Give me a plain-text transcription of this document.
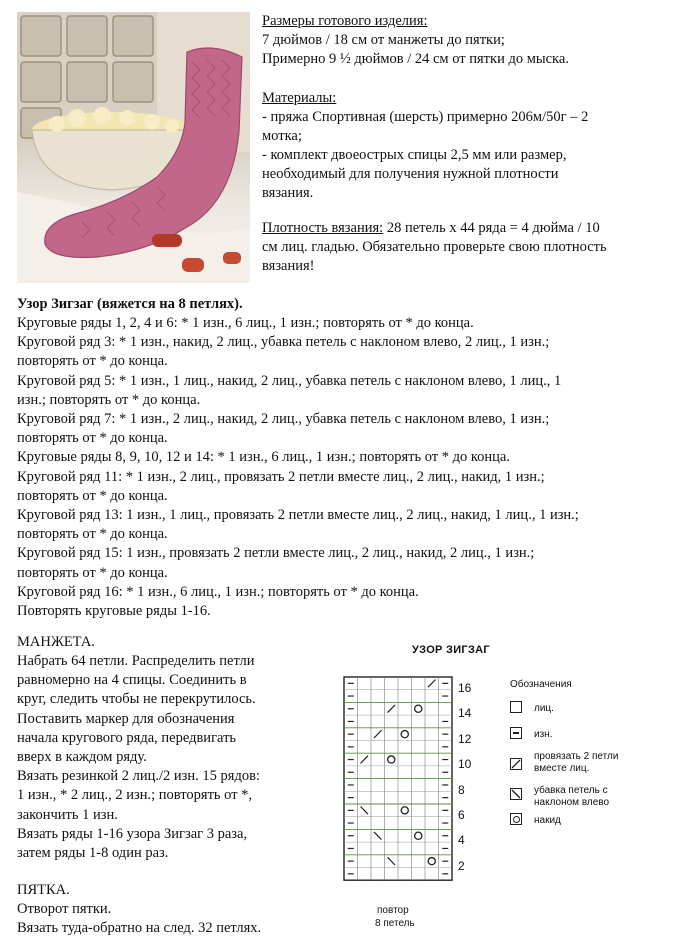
Размеры готового изделия:
7 дюймов / 18 см от манжеты до пятки;
Примерно 9 ½ дюймов / 24 см от пятки до мыска.
Материалы:
- пряжа Спортивная (шерсть) примерно 206м/50г – 2
мотка;
- комплект двоеострых спицы 2,5 мм или размер,
необходимый для получения нужной плотности
вязания.
Плотность вязания: 28 петель х 44 ряда = 4 дюйма / 10
см лиц. гладью. Обязательно проверьте свою плотность
вязания!
Узор Зигзаг (вяжется на 8 петлях).
Круговые ряды 1, 2, 4 и 6: * 1 изн., 6 лиц., 1 изн.; повторять от * до конца.
Круговой ряд 3: * 1 изн., накид, 2 лиц., убавка петель с наклоном влево, 2 лиц., 1 изн.;
повторять от * до конца.
Круговой ряд 5: * 1 изн., 1 лиц., накид, 2 лиц., убавка петель с наклоном влево, 1 лиц., 1
изн.; повторять от * до конца.
Круговой ряд 7: * 1 изн., 2 лиц., накид, 2 лиц., убавка петель с наклоном влево, 1 изн.;
повторять от * до конца.
Круговые ряды 8, 9, 10, 12 и 14: * 1 изн., 6 лиц., 1 изн.; повторять от * до конца.
Круговой ряд 11: * 1 изн., 2 лиц., провязать 2 петли вместе лиц., 2 лиц., накид, 1 изн.;
повторять от * до конца.
Круговой ряд 13: 1 изн., 1 лиц., провязать 2 петли вместе лиц., 2 лиц., накид, 1 лиц., 1 изн.;
повторять от * до конца.
Круговой ряд 15: 1 изн., провязать 2 петли вместе лиц., 2 лиц., накид, 2 лиц., 1 изн.;
повторять от * до конца.
Круговой ряд 16: * 1 изн., 6 лиц., 1 изн.; повторять от * до конца.
Повторять круговые ряды 1-16.
МАНЖЕТА.
Набрать 64 петли. Распределить петли
равномерно на 4 спицы. Соединить в
круг, следить чтобы не перекрутилось.
Поставить маркер для обозначения
начала кругового ряда, передвигать
вверх в каждом ряду.
Вязать резинкой 2 лиц./2 изн. 15 рядов:
1 изн., * 2 лиц., 2 изн.; повторять от *,
закончить 1 изн.
Вязать ряды 1-16 узора Зигзаг 3 раза,
затем ряды 1-8 один раз.
ПЯТКА.
Отворот пятки.
Вязать туда-обратно на след. 32 петлях.
УЗОР ЗИГЗАГ
16
14
12
10
8
6
4
2
повтор
8 петель
Обозначения
лиц.
изн.
провязать 2 петли вместе лиц.
убавка петель с наклоном влево
накид
